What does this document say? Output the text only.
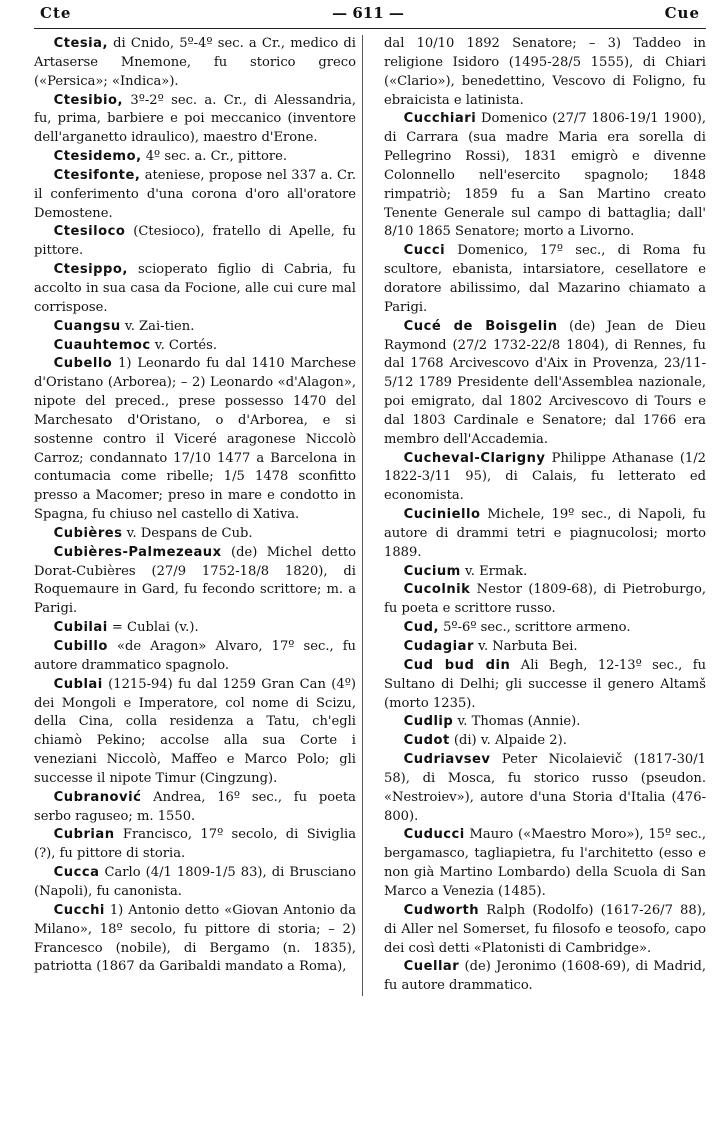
Cte	— 611 —	Cue

Ctesia, di Cnido, 5º-4º sec. a Cr., medico di Artaserse Mnemone, fu storico greco («Persica»; «Indica»).

Ctesibio, 3º-2º sec. a. Cr., di Alessandria, fu, prima, barbiere e poi meccanico (inventore dell'arganetto idraulico), maestro d'Erone.

Ctesidemo, 4º sec. a. Cr., pittore.

Ctesifonte, ateniese, propose nel 337 a. Cr. il conferimento d'una corona d'oro all'oratore Demostene.

Ctesiloco (Ctesioco), fratello di Apelle, fu pittore.

Ctesippo, scioperato figlio di Cabria, fu accolto in sua casa da Focione, alle cui cure mal corrispose.

Cuangsu v. Zai-tien.

Cuauhtemoc v. Cortés.

Cubello 1) Leonardo fu dal 1410 Marchese d'Oristano (Arborea); – 2) Leonardo «d'Alagon», nipote del preced., prese possesso 1470 del Marchesato d'Oristano, o d'Arborea, e si sostenne contro il Viceré aragonese Niccolò Carroz; condannato 17/10 1477 a Barcelona in contumacia come ribelle; 1/5 1478 sconfitto presso a Macomer; preso in mare e condotto in Spagna, fu chiuso nel castello di Xativa.

Cubières v. Despans de Cub.

Cubières-Palmezeaux (de) Michel detto Dorat-Cubières (27/9 1752-18/8 1820), di Roquemaure in Gard, fu fecondo scrittore; m. a Parigi.

Cubilai = Cublai (v.).

Cubillo «de Aragon» Alvaro, 17º sec., fu autore drammatico spagnolo.

Cublai (1215-94) fu dal 1259 Gran Can (4º) dei Mongoli e Imperatore, col nome di Scizu, della Cina, colla residenza a Tatu, ch'egli chiamò Pekino; accolse alla sua Corte i veneziani Niccolò, Maffeo e Marco Polo; gli successe il nipote Timur (Cingzung).

Cubranović Andrea, 16º sec., fu poeta serbo raguseo; m. 1550.

Cubrian Francisco, 17º secolo, di Siviglia (?), fu pittore di storia.

Cucca Carlo (4/1 1809-1/5 83), di Brusciano (Napoli), fu canonista.

Cucchi 1) Antonio detto «Giovan Antonio da Milano», 18º secolo, fu pittore di storia; – 2) Francesco (nobile), di Bergamo (n. 1835), patriotta (1867 da Garibaldi mandato a Roma),

dal 10/10 1892 Senatore; – 3) Taddeo in religione Isidoro (1495-28/5 1555), di Chiari («Clario»), benedettino, Vescovo di Foligno, fu ebraicista e latinista.

Cucchiari Domenico (27/7 1806-19/1 1900), di Carrara (sua madre Maria era sorella di Pellegrino Rossi), 1831 emigrò e divenne Colonnello nell'esercito spagnolo; 1848 rimpatriò; 1859 fu a San Martino creato Tenente Generale sul campo di battaglia; dall' 8/10 1865 Senatore; morto a Livorno.

Cucci Domenico, 17º sec., di Roma fu scultore, ebanista, intarsiatore, cesellatore e doratore abilissimo, dal Mazarino chiamato a Parigi.

Cucé de Boisgelin (de) Jean de Dieu Raymond (27/2 1732-22/8 1804), di Rennes, fu dal 1768 Arcivescovo d'Aix in Provenza, 23/11-5/12 1789 Presidente dell'Assemblea nazionale, poi emigrato, dal 1802 Arcivescovo di Tours e dal 1803 Cardinale e Senatore; dal 1766 era membro dell'Accademia.

Cucheval-Clarigny Philippe Athanase (1/2 1822-3/11 95), di Calais, fu letterato ed economista.

Cuciniello Michele, 19º sec., di Napoli, fu autore di drammi tetri e piagnucolosi; morto 1889.

Cucium v. Ermak.

Cucolnik Nestor (1809-68), di Pietroburgo, fu poeta e scrittore russo.

Cud, 5º-6º sec., scrittore armeno.

Cudagiar v. Narbuta Bei.

Cud bud din Ali Begh, 12-13º sec., fu Sultano di Delhi; gli successe il genero Altamš (morto 1235).

Cudlip v. Thomas (Annie).

Cudot (di) v. Alpaide 2).

Cudriavsev Peter Nicolaievič (1817-30/1 58), di Mosca, fu storico russo (pseudon. «Nestroiev»), autore d'una Storia d'Italia (476-800).

Cuducci Mauro («Maestro Moro»), 15º sec., bergamasco, tagliapietra, fu l'architetto (esso e non già Martino Lombardo) della Scuola di San Marco a Venezia (1485).

Cudworth Ralph (Rodolfo) (1617-26/7 88), di Aller nel Somerset, fu filosofo e teosofo, capo dei così detti «Platonisti di Cambridge».

Cuellar (de) Jeronimo (1608-69), di Madrid, fu autore drammatico.
